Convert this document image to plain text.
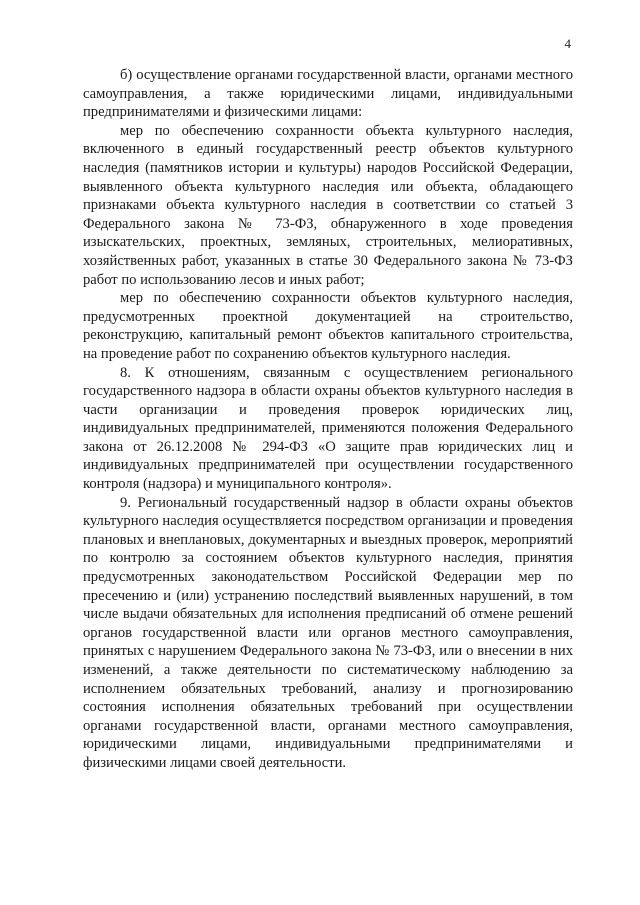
4

б) осуществление органами государственной власти, органами местного самоуправления, а также юридическими лицами, индивидуальными предпринимателями и физическими лицами:

мер по обеспечению сохранности объекта культурного наследия, включенного в единый государственный реестр объектов культурного наследия (памятников истории и культуры) народов Российской Федерации, выявленного объекта культурного наследия или объекта, обладающего признаками объекта культурного наследия в соответствии со статьей 3 Федерального закона № 73-ФЗ, обнаруженного в ходе проведения изыскательских, проектных, земляных, строительных, мелиоративных, хозяйственных работ, указанных в статье 30 Федерального закона № 73-ФЗ работ по использованию лесов и иных работ;

мер по обеспечению сохранности объектов культурного наследия, предусмотренных проектной документацией на строительство, реконструкцию, капитальный ремонт объектов капитального строительства, на проведение работ по сохранению объектов культурного наследия.

8. К отношениям, связанным с осуществлением регионального государственного надзора в области охраны объектов культурного наследия в части организации и проведения проверок юридических лиц, индивидуальных предпринимателей, применяются положения Федерального закона от 26.12.2008 № 294-ФЗ «О защите прав юридических лиц и индивидуальных предпринимателей при осуществлении государственного контроля (надзора) и муниципального контроля».

9. Региональный государственный надзор в области охраны объектов культурного наследия осуществляется посредством организации и проведения плановых и внеплановых, документарных и выездных проверок, мероприятий по контролю за состоянием объектов культурного наследия, принятия предусмотренных законодательством Российской Федерации мер по пресечению и (или) устранению последствий выявленных нарушений, в том числе выдачи обязательных для исполнения предписаний об отмене решений органов государственной власти или органов местного самоуправления, принятых с нарушением Федерального закона № 73-ФЗ, или о внесении в них изменений, а также деятельности по систематическому наблюдению за исполнением обязательных требований, анализу и прогнозированию состояния исполнения обязательных требований при осуществлении органами государственной власти, органами местного самоуправления, юридическими лицами, индивидуальными предпринимателями и физическими лицами своей деятельности.
